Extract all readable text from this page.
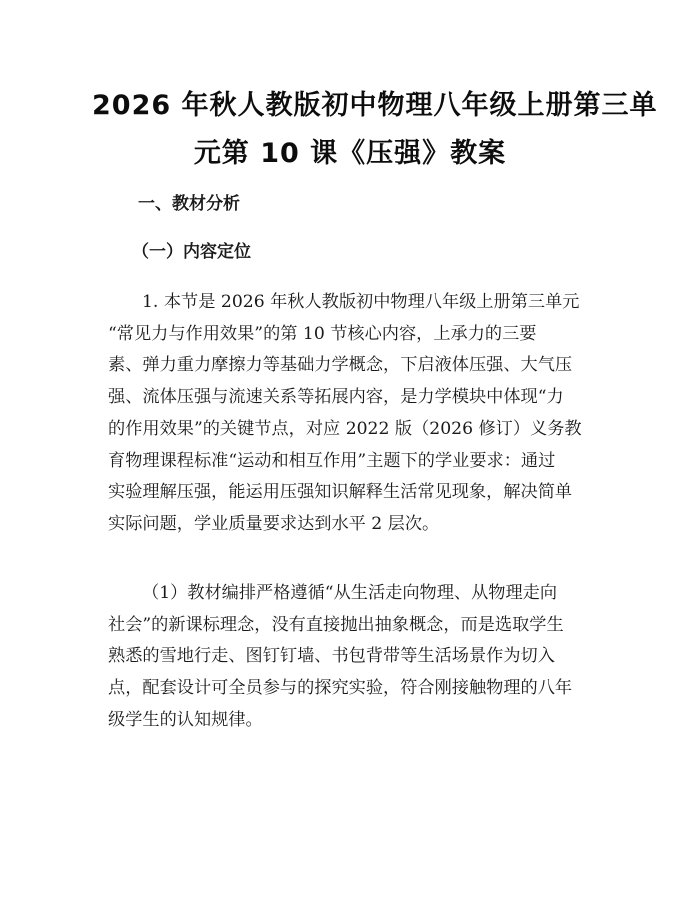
2026 年秋人教版初中物理八年级上册第三单
元第 10 课《压强》教案
一、教材分析
（一）内容定位

1. 本节是 2026 年秋人教版初中物理八年级上册第三单元
“常见力与作用效果”的第 10 节核心内容，上承力的三要
素、弹力重力摩擦力等基础力学概念，下启液体压强、大气压
强、流体压强与流速关系等拓展内容，是力学模块中体现“力
的作用效果”的关键节点，对应 2022 版（2026 修订）义务教
育物理课程标准“运动和相互作用”主题下的学业要求：通过
实验理解压强，能运用压强知识解释生活常见现象，解决简单
实际问题，学业质量要求达到水平 2 层次。

（1）教材编排严格遵循“从生活走向物理、从物理走向
社会”的新课标理念，没有直接抛出抽象概念，而是选取学生
熟悉的雪地行走、图钉钉墙、书包背带等生活场景作为切入
点，配套设计可全员参与的探究实验，符合刚接触物理的八年
级学生的认知规律。
